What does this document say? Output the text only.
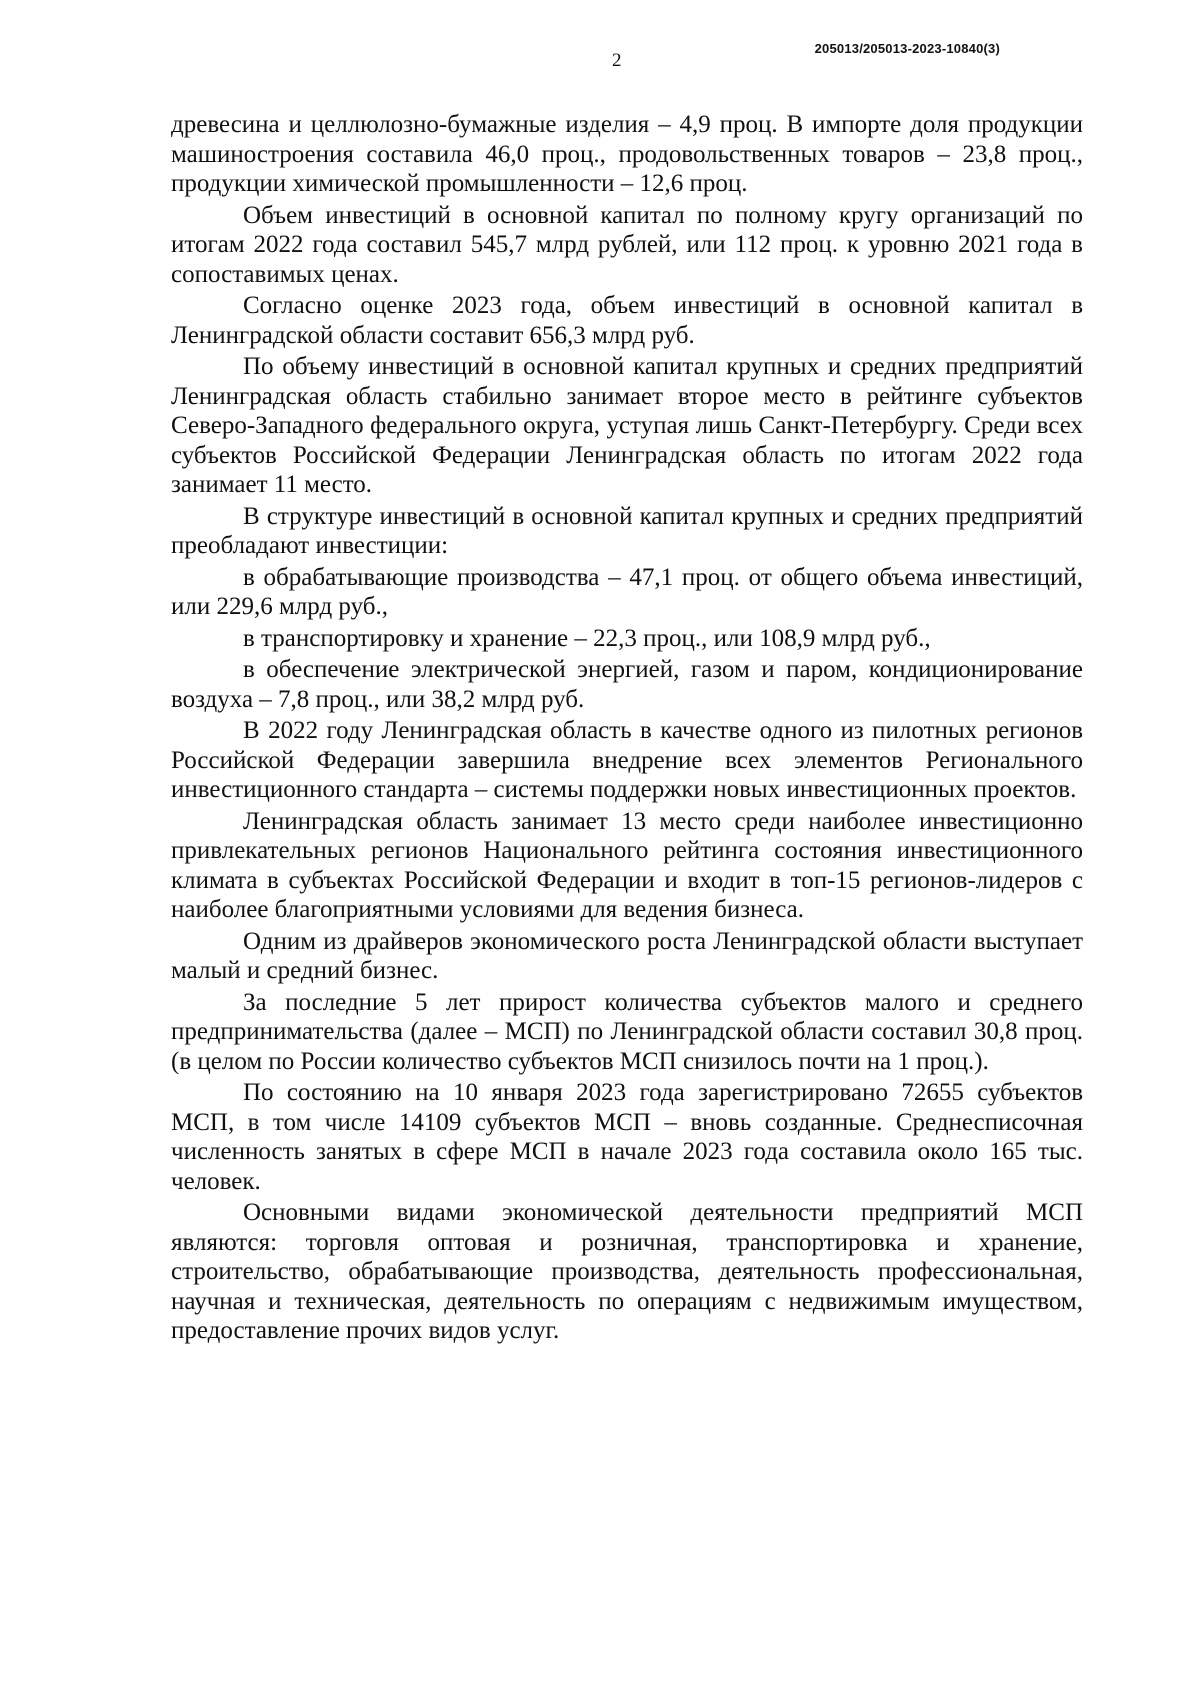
205013/205013-2023-10840(3)
2

древесина и целлюлозно-бумажные изделия – 4,9 проц. В импорте доля продукции машиностроения составила 46,0 проц., продовольственных товаров – 23,8 проц., продукции химической промышленности – 12,6 проц.

Объем инвестиций в основной капитал по полному кругу организаций по итогам 2022 года составил 545,7 млрд рублей, или 112 проц. к уровню 2021 года в сопоставимых ценах.

Согласно оценке 2023 года, объем инвестиций в основной капитал в Ленинградской области составит 656,3 млрд руб.

По объему инвестиций в основной капитал крупных и средних предприятий Ленинградская область стабильно занимает второе место в рейтинге субъектов Северо-Западного федерального округа, уступая лишь Санкт-Петербургу. Среди всех субъектов Российской Федерации Ленинградская область по итогам 2022 года занимает 11 место.

В структуре инвестиций в основной капитал крупных и средних предприятий преобладают инвестиции:

в обрабатывающие производства – 47,1 проц. от общего объема инвестиций, или 229,6 млрд руб.,

в транспортировку и хранение – 22,3 проц., или 108,9 млрд руб.,

в обеспечение электрической энергией, газом и паром, кондиционирование воздуха – 7,8 проц., или 38,2 млрд руб.

В 2022 году Ленинградская область в качестве одного из пилотных регионов Российской Федерации завершила внедрение всех элементов Регионального инвестиционного стандарта – системы поддержки новых инвестиционных проектов.

Ленинградская область занимает 13 место среди наиболее инвестиционно привлекательных регионов Национального рейтинга состояния инвестиционного климата в субъектах Российской Федерации и входит в топ-15 регионов-лидеров с наиболее благоприятными условиями для ведения бизнеса.

Одним из драйверов экономического роста Ленинградской области выступает малый и средний бизнес.

За последние 5 лет прирост количества субъектов малого и среднего предпринимательства (далее – МСП) по Ленинградской области составил 30,8 проц. (в целом по России количество субъектов МСП снизилось почти на 1 проц.).

По состоянию на 10 января 2023 года зарегистрировано 72655 субъектов МСП, в том числе 14109 субъектов МСП – вновь созданные. Среднесписочная численность занятых в сфере МСП в начале 2023 года составила около 165 тыс. человек.

Основными видами экономической деятельности предприятий МСП являются: торговля оптовая и розничная, транспортировка и хранение, строительство, обрабатывающие производства, деятельность профессиональная, научная и техническая, деятельность по операциям с недвижимым имуществом, предоставление прочих видов услуг.
